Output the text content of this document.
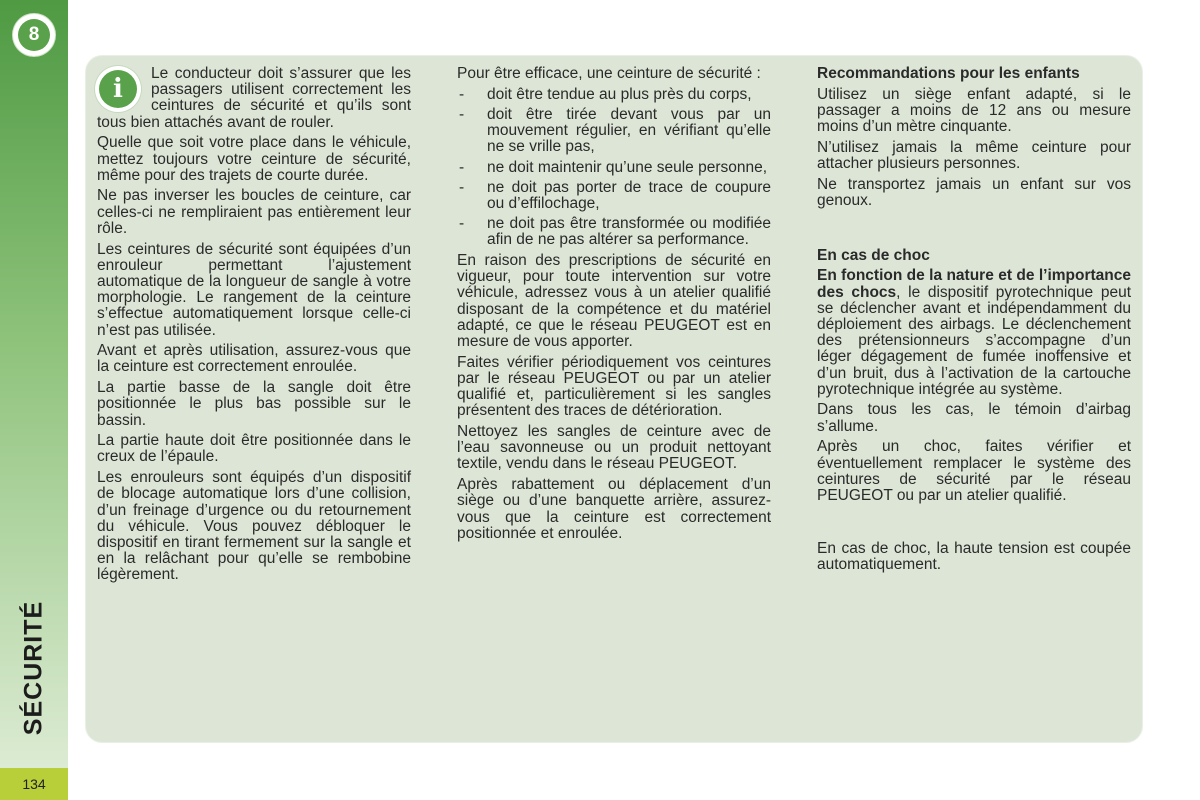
8
SÉCURITÉ
134

i
Le conducteur doit s’assurer que les passagers utilisent correctement les ceintures de sécurité et qu’ils sont tous bien attachés avant de rouler.

Quelle que soit votre place dans le véhicule, mettez toujours votre ceinture de sécurité, même pour des trajets de courte durée.

Ne pas inverser les boucles de ceinture, car celles-ci ne rempliraient pas entièrement leur rôle.

Les ceintures de sécurité sont équipées d’un enrouleur permettant l’ajustement automatique de la longueur de sangle à votre morphologie. Le rangement de la ceinture s’effectue automatiquement lorsque celle-ci n’est pas utilisée.

Avant et après utilisation, assurez-vous que la ceinture est correctement enroulée.

La partie basse de la sangle doit être positionnée le plus bas possible sur le bassin.

La partie haute doit être positionnée dans le creux de l’épaule.

Les enrouleurs sont équipés d’un dispositif de blocage automatique lors d’une collision, d’un freinage d’urgence ou du retournement du véhicule. Vous pouvez débloquer le dispositif en tirant fermement sur la sangle et en la relâchant pour qu’elle se rembobine légèrement.

Pour être efficace, une ceinture de sécurité :

- doit être tendue au plus près du corps,
- doit être tirée devant vous par un mouvement régulier, en vérifiant qu’elle ne se vrille pas,
- ne doit maintenir qu’une seule personne,
- ne doit pas porter de trace de coupure ou d’effilochage,
- ne doit pas être transformée ou modifiée afin de ne pas altérer sa performance.

En raison des prescriptions de sécurité en vigueur, pour toute intervention sur votre véhicule, adressez vous à un atelier qualifié disposant de la compétence et du matériel adapté, ce que le réseau PEUGEOT est en mesure de vous apporter.

Faites vérifier périodiquement vos ceintures par le réseau PEUGEOT ou par un atelier qualifié et, particulièrement si les sangles présentent des traces de détérioration.

Nettoyez les sangles de ceinture avec de l’eau savonneuse ou un produit nettoyant textile, vendu dans le réseau PEUGEOT.

Après rabattement ou déplacement d’un siège ou d’une banquette arrière, assurez-vous que la ceinture est correctement positionnée et enroulée.

Recommandations pour les enfants

Utilisez un siège enfant adapté, si le passager a moins de 12 ans ou mesure moins d’un mètre cinquante.

N’utilisez jamais la même ceinture pour attacher plusieurs personnes.

Ne transportez jamais un enfant sur vos genoux.

En cas de choc

En fonction de la nature et de l’importance des chocs, le dispositif pyrotechnique peut se déclencher avant et indépendamment du déploiement des airbags. Le déclenchement des prétensionneurs s’accompagne d’un léger dégagement de fumée inoffensive et d’un bruit, dus à l’activation de la cartouche pyrotechnique intégrée au système.

Dans tous les cas, le témoin d’airbag s’allume.

Après un choc, faites vérifier et éventuellement remplacer le système des ceintures de sécurité par le réseau PEUGEOT ou par un atelier qualifié.

En cas de choc, la haute tension est coupée automatiquement.
